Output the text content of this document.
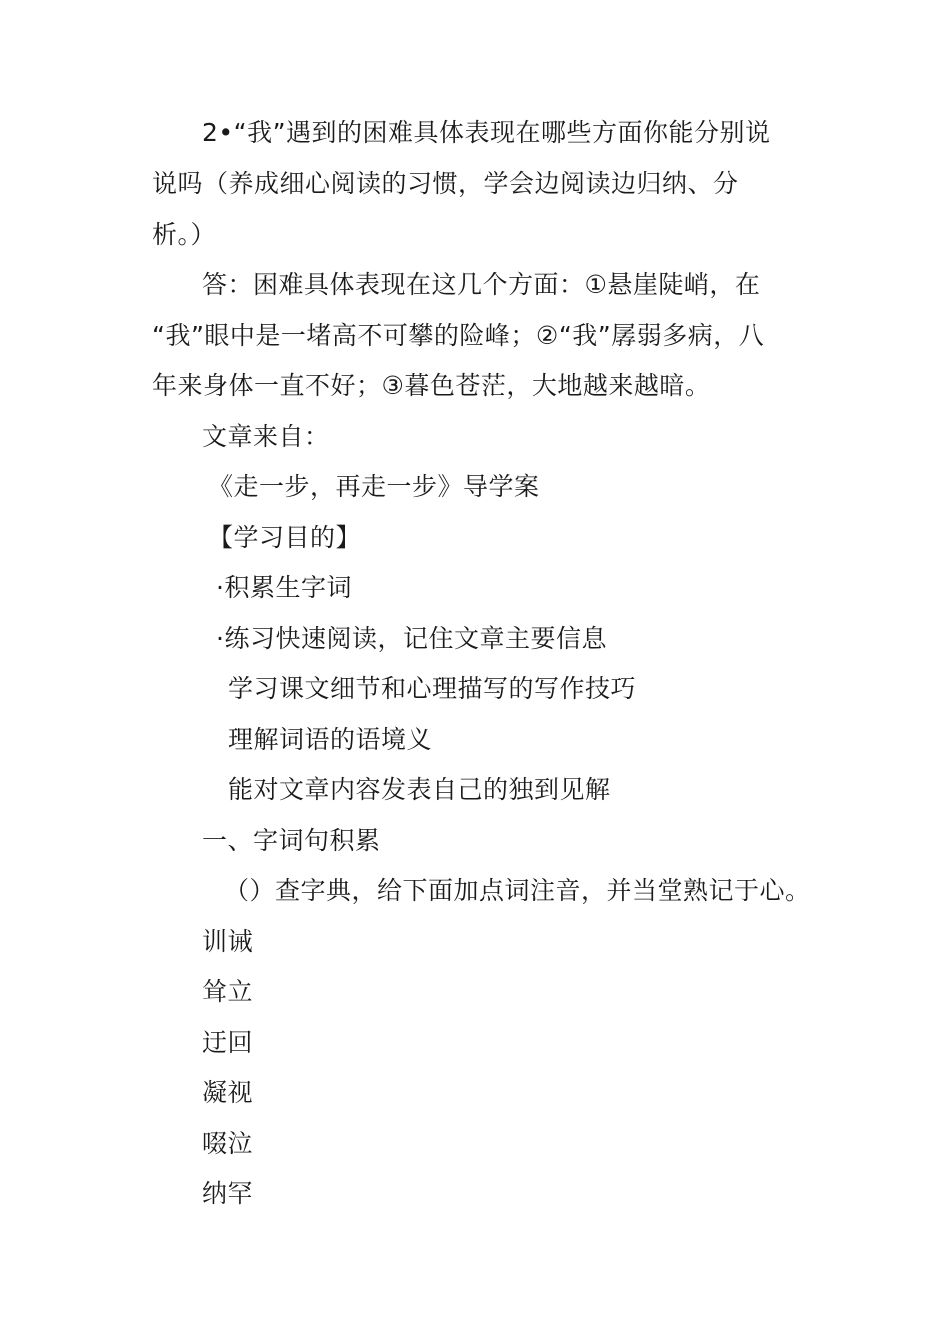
2•“我”遇到的困难具体表现在哪些方面你能分别说
说吗（养成细心阅读的习惯，学会边阅读边归纳、分
析。）
答：困难具体表现在这几个方面：①悬崖陡峭，在
“我”眼中是一堵高不可攀的险峰；②“我”孱弱多病，八
年来身体一直不好；③暮色苍茫，大地越来越暗。
文章来自：
《走一步，再走一步》导学案
【学习目的】
·积累生字词
·练习快速阅读，记住文章主要信息
学习课文细节和心理描写的写作技巧
理解词语的语境义
能对文章内容发表自己的独到见解
一、字词句积累
（）查字典，给下面加点词注音，并当堂熟记于心。
训诫
耸立
迂回
凝视
啜泣
纳罕
